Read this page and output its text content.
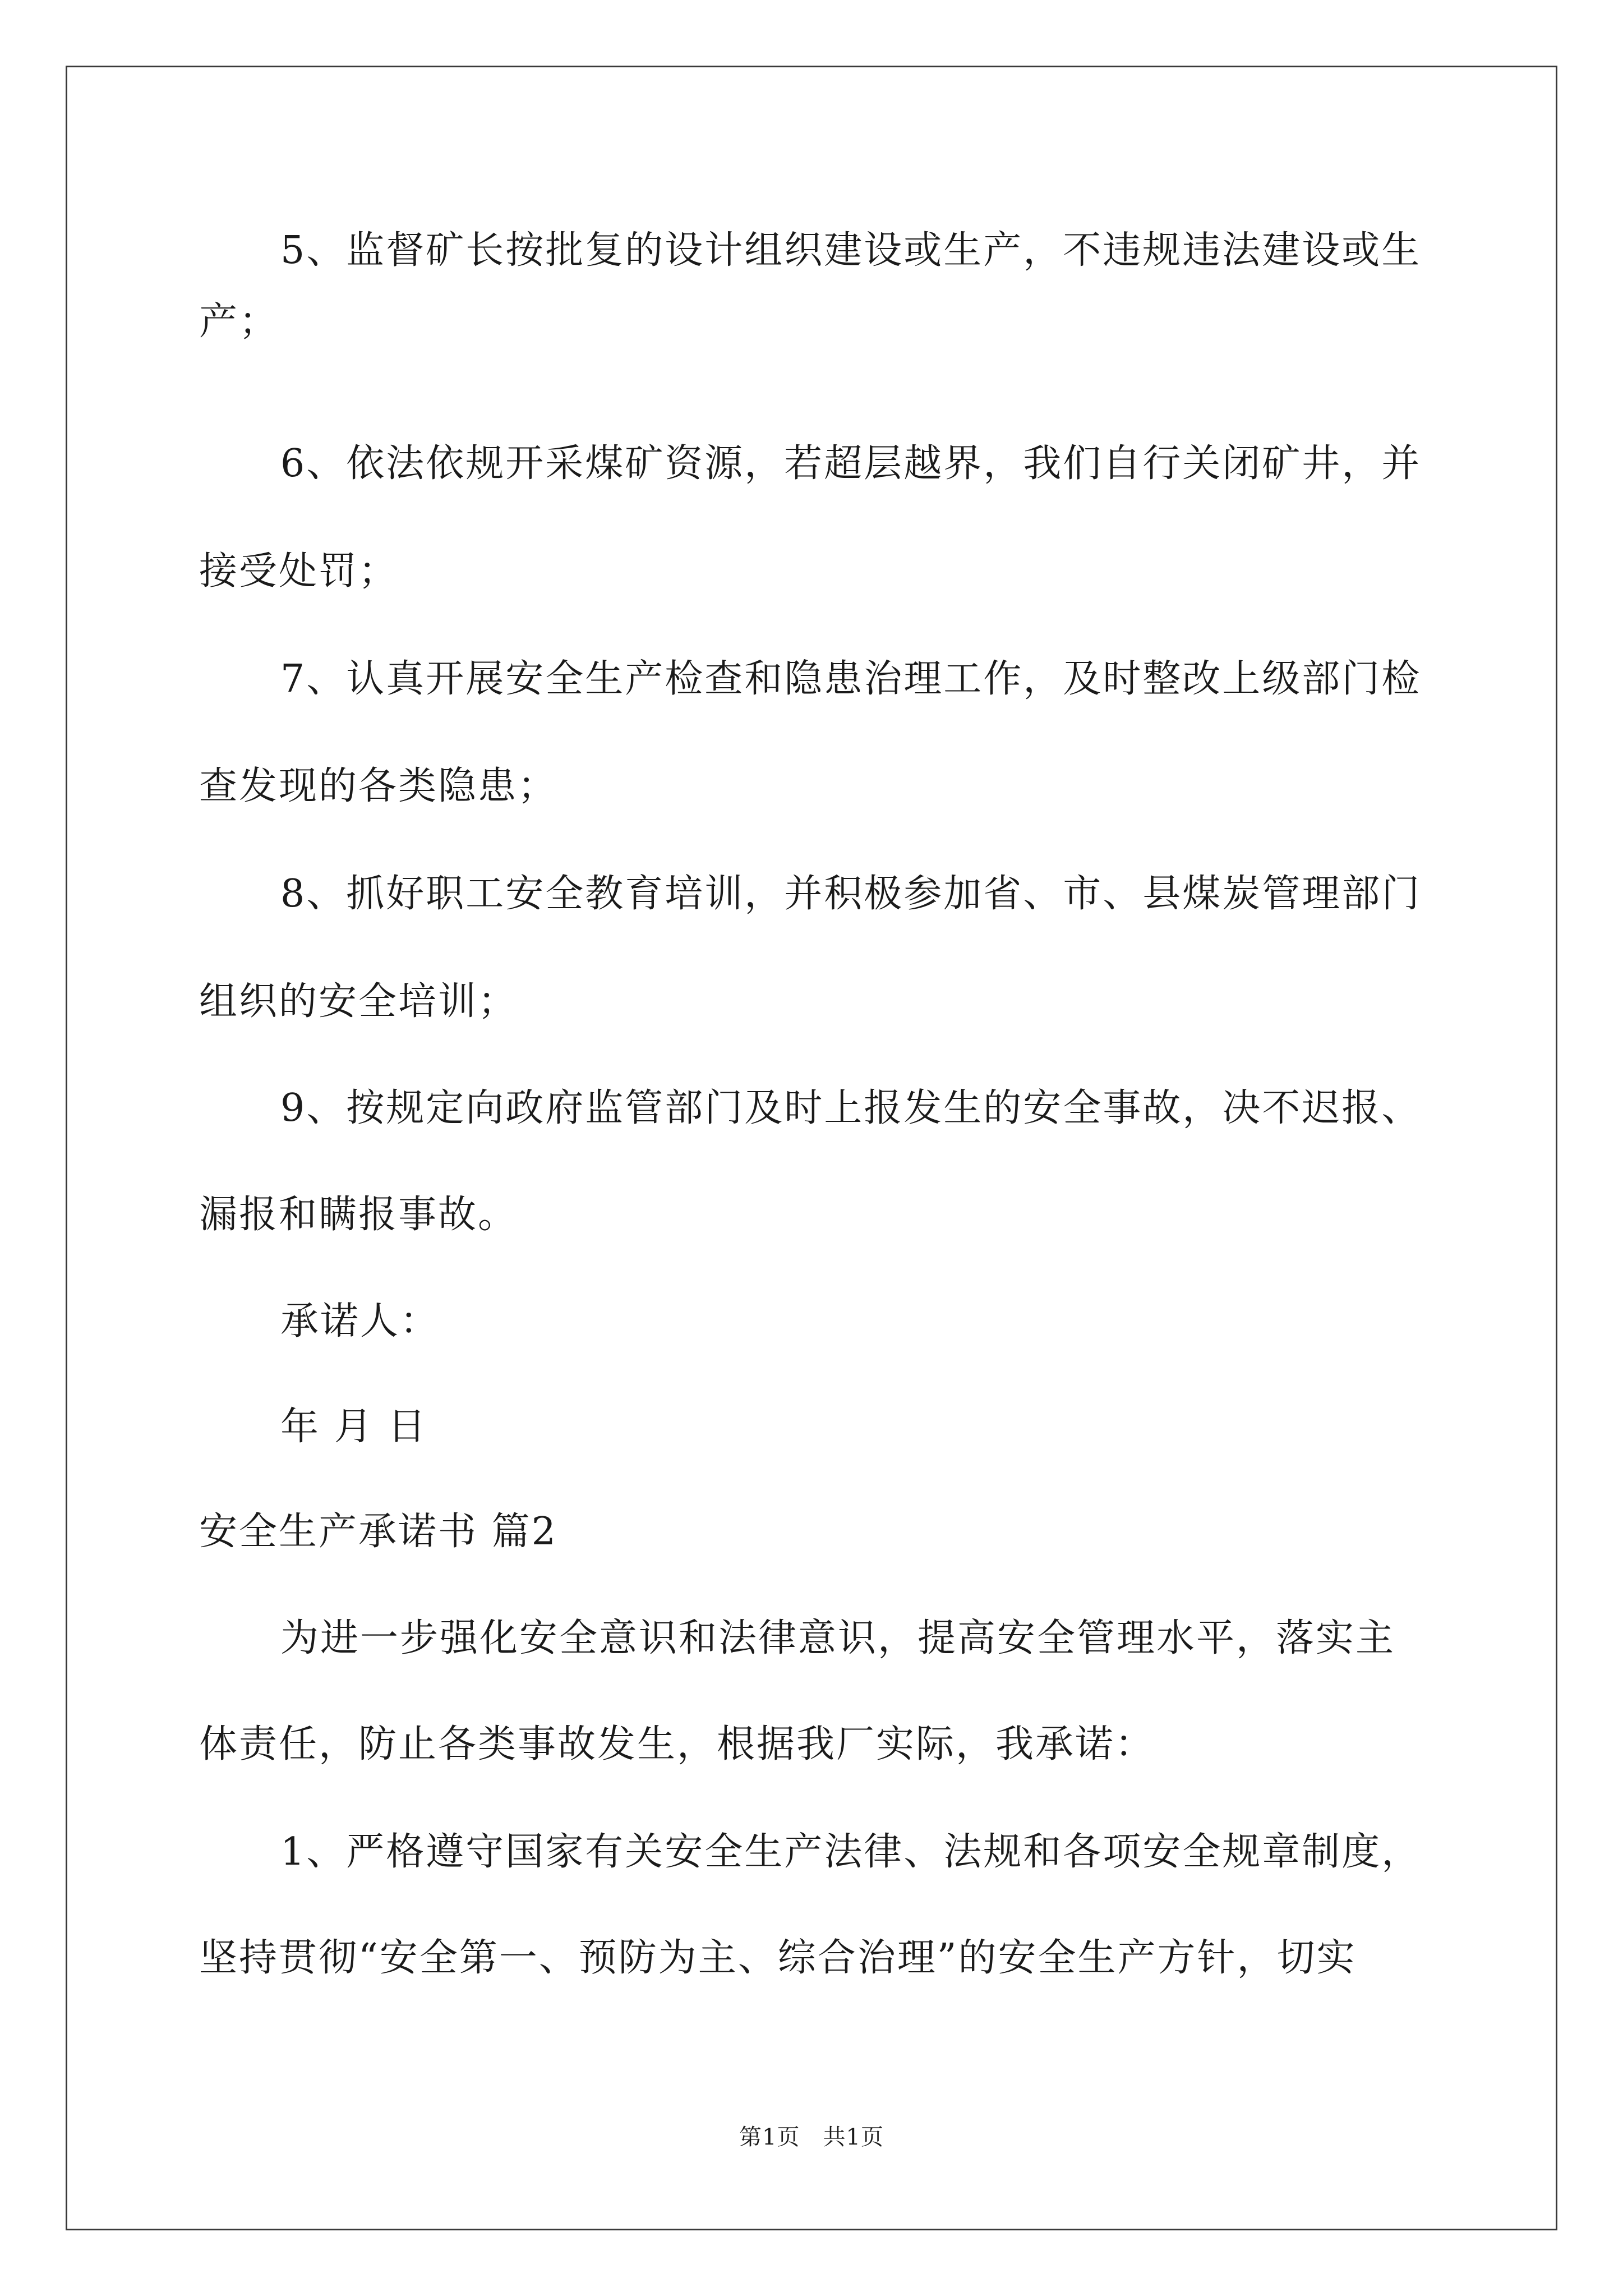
5、监督矿长按批复的设计组织建设或生产，不违规违法建设或生

产；

6、依法依规开采煤矿资源，若超层越界，我们自行关闭矿井，并

接受处罚；

7、认真开展安全生产检查和隐患治理工作，及时整改上级部门检

查发现的各类隐患；

8、抓好职工安全教育培训，并积极参加省、市、县煤炭管理部门

组织的安全培训；

9、按规定向政府监管部门及时上报发生的安全事故，决不迟报、

漏报和瞒报事故。

承诺人：

年 月 日

安全生产承诺书 篇2

为进一步强化安全意识和法律意识，提高安全管理水平，落实主

体责任，防止各类事故发生，根据我厂实际，我承诺：

1、严格遵守国家有关安全生产法律、法规和各项安全规章制度，

坚持贯彻“安全第一、预防为主、综合治理”的安全生产方针，切实

第1页　共1页
